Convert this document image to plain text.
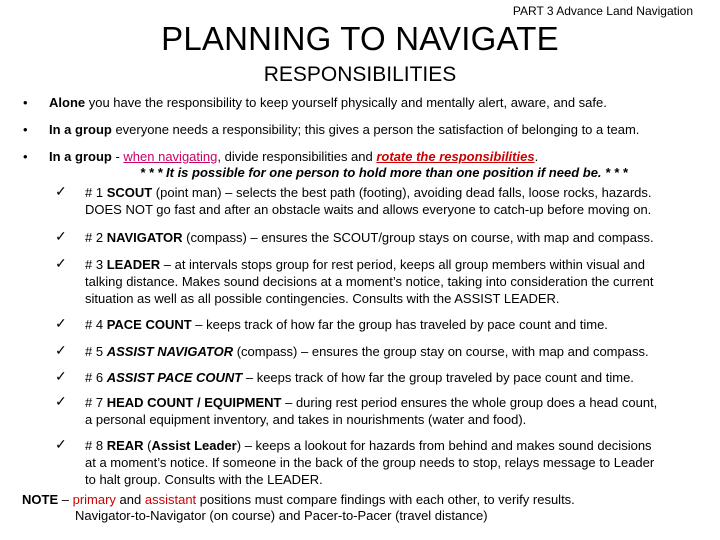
PART 3 Advance Land Navigation
PLANNING TO NAVIGATE
RESPONSIBILITIES
• Alone you have the responsibility to keep yourself physically and mentally alert, aware, and safe.
• In a group everyone needs a responsibility; this gives a person the satisfaction of belonging to a team.
• In a group - when navigating, divide responsibilities and rotate the responsibilities.
* * * It is possible for one person to hold more than one position if need be. * * *
✓ # 1 SCOUT (point man) – selects the best path (footing), avoiding dead falls, loose rocks, hazards.
DOES NOT go fast and after an obstacle waits and allows everyone to catch-up before moving on.
✓ # 2 NAVIGATOR (compass) – ensures the SCOUT/group stays on course, with map and compass.
✓ # 3 LEADER – at intervals stops group for rest period, keeps all group members within visual and
talking distance. Makes sound decisions at a moment’s notice, taking into consideration the current
situation as well as all possible contingencies. Consults with the ASSIST LEADER.
✓ # 4 PACE COUNT – keeps track of how far the group has traveled by pace count and time.
✓ # 5 ASSIST NAVIGATOR (compass) – ensures the group stay on course, with map and compass.
✓ # 6 ASSIST PACE COUNT – keeps track of how far the group traveled by pace count and time.
✓ # 7 HEAD COUNT / EQUIPMENT – during rest period ensures the whole group does a head count,
a personal equipment inventory, and takes in nourishments (water and food).
✓ # 8 REAR (Assist Leader) – keeps a lookout for hazards from behind and makes sound decisions
at a moment’s notice. If someone in the back of the group needs to stop, relays message to Leader
to halt group. Consults with the LEADER.
NOTE – primary and assistant positions must compare findings with each other, to verify results.
Navigator-to-Navigator (on course) and Pacer-to-Pacer (travel distance)
